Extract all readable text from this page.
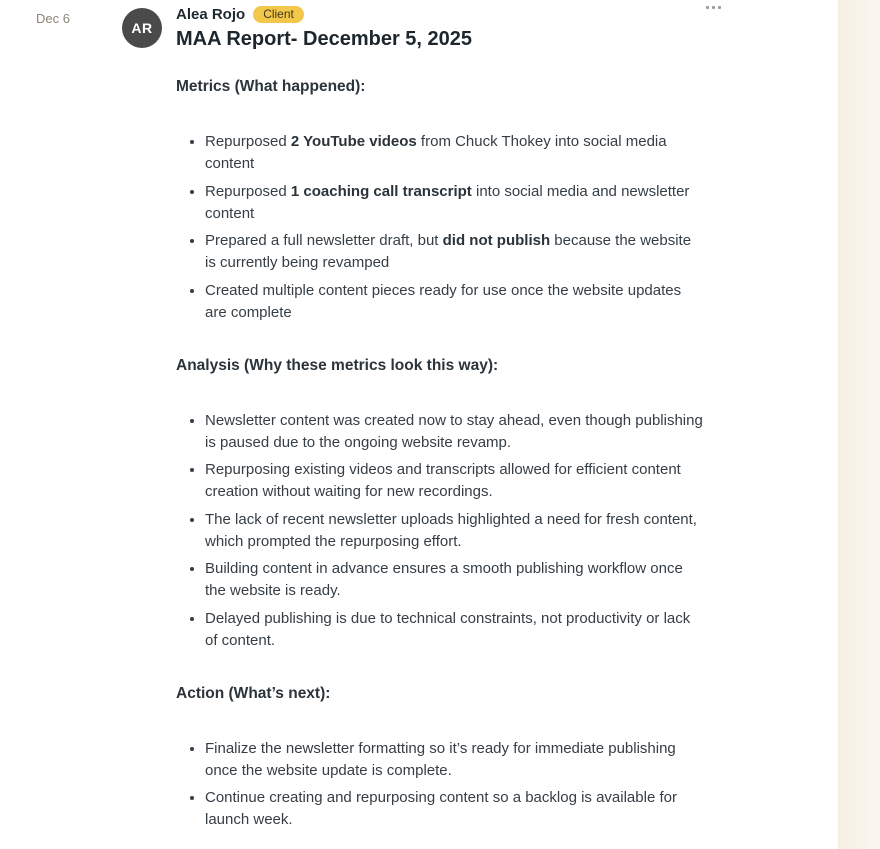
Dec 6
AR
Alea Rojo	Client
MAA Report- December 5, 2025

Metrics (What happened):

• Repurposed 2 YouTube videos from Chuck Thokey into social media content
• Repurposed 1 coaching call transcript into social media and newsletter content
• Prepared a full newsletter draft, but did not publish because the website is currently being revamped
• Created multiple content pieces ready for use once the website updates are complete

Analysis (Why these metrics look this way):

• Newsletter content was created now to stay ahead, even though publishing is paused due to the ongoing website revamp.
• Repurposing existing videos and transcripts allowed for efficient content creation without waiting for new recordings.
• The lack of recent newsletter uploads highlighted a need for fresh content, which prompted the repurposing effort.
• Building content in advance ensures a smooth publishing workflow once the website is ready.
• Delayed publishing is due to technical constraints, not productivity or lack of content.

Action (What’s next):

• Finalize the newsletter formatting so it’s ready for immediate publishing once the website update is complete.
• Continue creating and repurposing content so a backlog is available for launch week.
